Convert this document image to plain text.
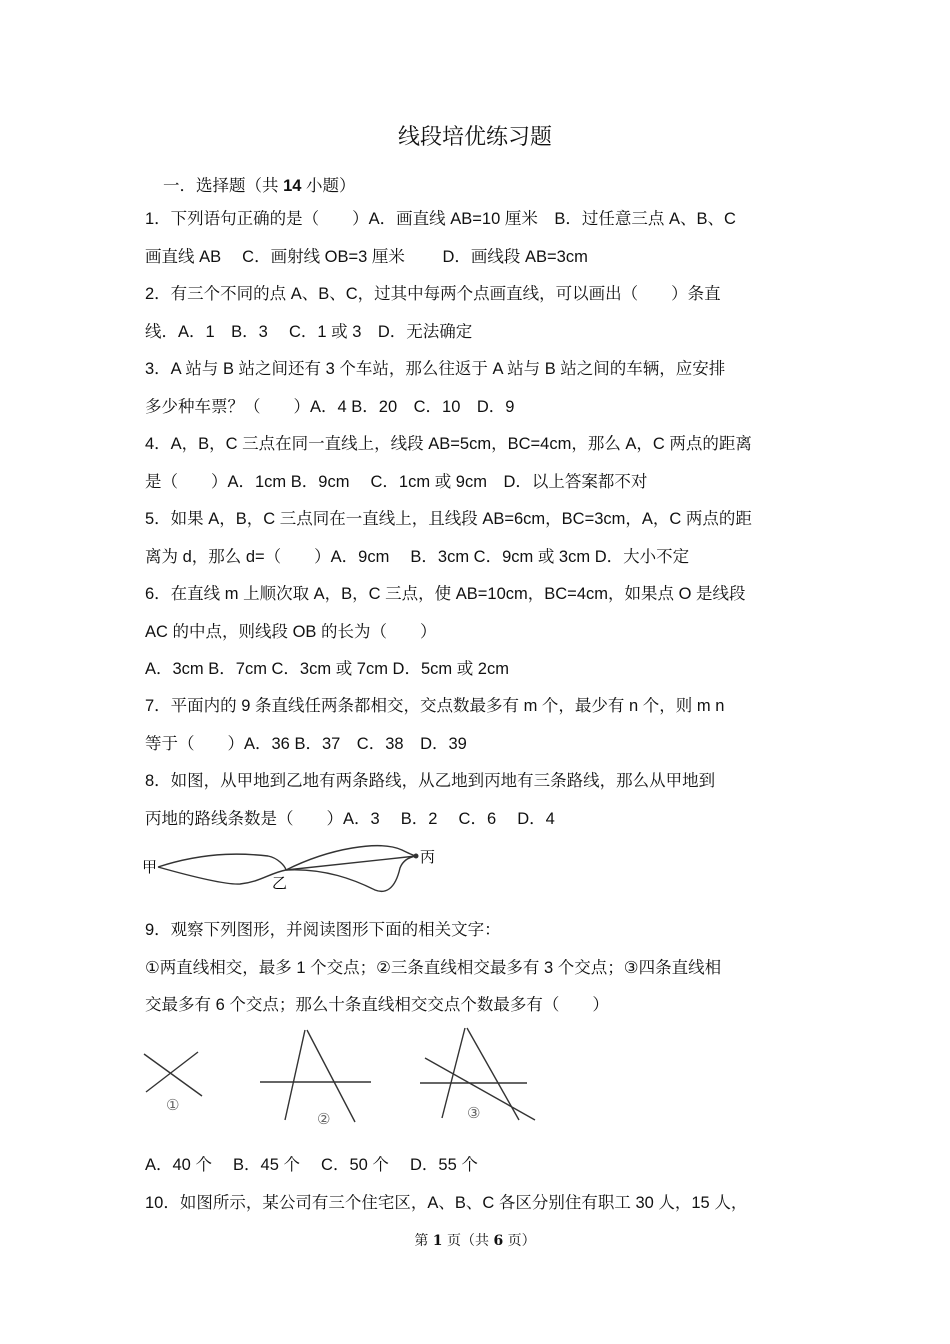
线段培优练习题
一．选择题（共 14 小题）
1．下列语句正确的是（　　）A．画直线 AB=10 厘米　B．过任意三点 A、B、C
画直线 AB　 C．画射线 OB=3 厘米　　 D．画线段 AB=3cm
2．有三个不同的点 A、B、C，过其中每两个点画直线，可以画出（　　）条直
线．A．1　B．3　 C．1 或 3　D．无法确定
3．A 站与 B 站之间还有 3 个车站，那么往返于 A 站与 B 站之间的车辆，应安排
多少种车票？（　　）A．4 B．20　C．10　D．9
4．A，B，C 三点在同一直线上，线段 AB=5cm，BC=4cm，那么 A，C 两点的距离
是（　　）A．1cm B．9cm　 C．1cm 或 9cm　D．以上答案都不对
5．如果 A，B，C 三点同在一直线上，且线段 AB=6cm，BC=3cm，A，C 两点的距
离为 d，那么 d=（　　）A．9cm　 B．3cm C．9cm 或 3cm D．大小不定
6．在直线 m 上顺次取 A，B，C 三点，使 AB=10cm，BC=4cm，如果点 O 是线段
AC 的中点，则线段 OB 的长为（　　）
A．3cm B．7cm C．3cm 或 7cm D．5cm 或 2cm
7．平面内的 9 条直线任两条都相交，交点数最多有 m 个，最少有 n 个，则 m n
等于（　　）A．36 B．37　C．38　D．39
8．如图，从甲地到乙地有两条路线，从乙地到丙地有三条路线，那么从甲地到
丙地的路线条数是（　　）A．3　 B．2　 C．6　 D．4
甲
乙
丙
9．观察下列图形，并阅读图形下面的相关文字：
①两直线相交，最多 1 个交点；②三条直线相交最多有 3 个交点；③四条直线相
交最多有 6 个交点；那么十条直线相交交点个数最多有（　　）
①
②	③
A．40 个　 B．45 个　 C．50 个　 D．55 个
10．如图所示，某公司有三个住宅区，A、B、C 各区分别住有职工 30 人，15 人，
第 1 页（共 6 页）
